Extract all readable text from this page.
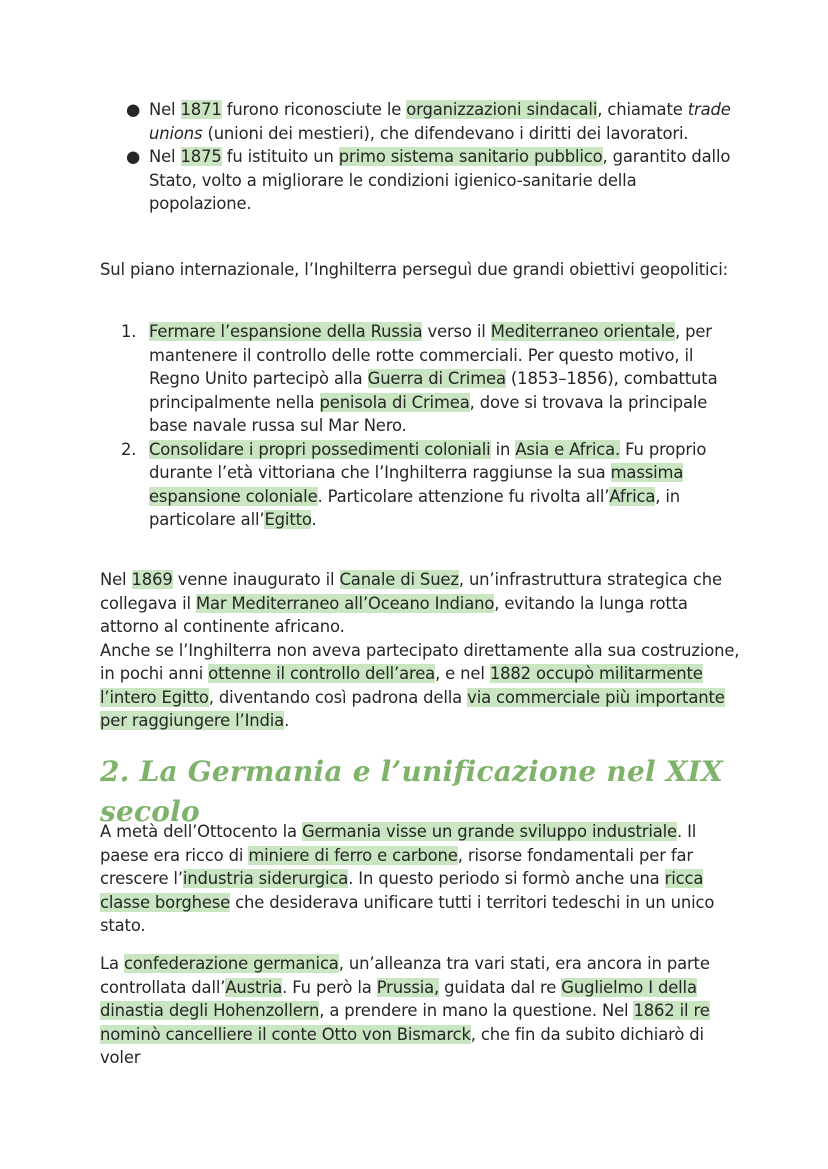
● Nel 1871 furono riconosciute le organizzazioni sindacali, chiamate trade unions (unioni dei mestieri), che difendevano i diritti dei lavoratori.
● Nel 1875 fu istituito un primo sistema sanitario pubblico, garantito dallo Stato, volto a migliorare le condizioni igienico-sanitarie della popolazione.

Sul piano internazionale, l’Inghilterra perseguì due grandi obiettivi geopolitici:

1. Fermare l’espansione della Russia verso il Mediterraneo orientale, per mantenere il controllo delle rotte commerciali. Per questo motivo, il Regno Unito partecipò alla Guerra di Crimea (1853–1856), combattuta principalmente nella penisola di Crimea, dove si trovava la principale base navale russa sul Mar Nero.
2. Consolidare i propri possedimenti coloniali in Asia e Africa. Fu proprio durante l’età vittoriana che l’Inghilterra raggiunse la sua massima espansione coloniale. Particolare attenzione fu rivolta all’Africa, in particolare all’Egitto.

Nel 1869 venne inaugurato il Canale di Suez, un’infrastruttura strategica che collegava il Mar Mediterraneo all’Oceano Indiano, evitando la lunga rotta attorno al continente africano.
Anche se l’Inghilterra non aveva partecipato direttamente alla sua costruzione, in pochi anni ottenne il controllo dell’area, e nel 1882 occupò militarmente l’intero Egitto, diventando così padrona della via commerciale più importante per raggiungere l’India.

2. La Germania e l’unificazione nel XIX secolo

A metà dell’Ottocento la Germania visse un grande sviluppo industriale. Il paese era ricco di miniere di ferro e carbone, risorse fondamentali per far crescere l’industria siderurgica. In questo periodo si formò anche una ricca classe borghese che desiderava unificare tutti i territori tedeschi in un unico stato.

La confederazione germanica, un’alleanza tra vari stati, era ancora in parte controllata dall’Austria. Fu però la Prussia, guidata dal re Guglielmo I della dinastia degli Hohenzollern, a prendere in mano la questione. Nel 1862 il re nominò cancelliere il conte Otto von Bismarck, che fin da subito dichiarò di voler
